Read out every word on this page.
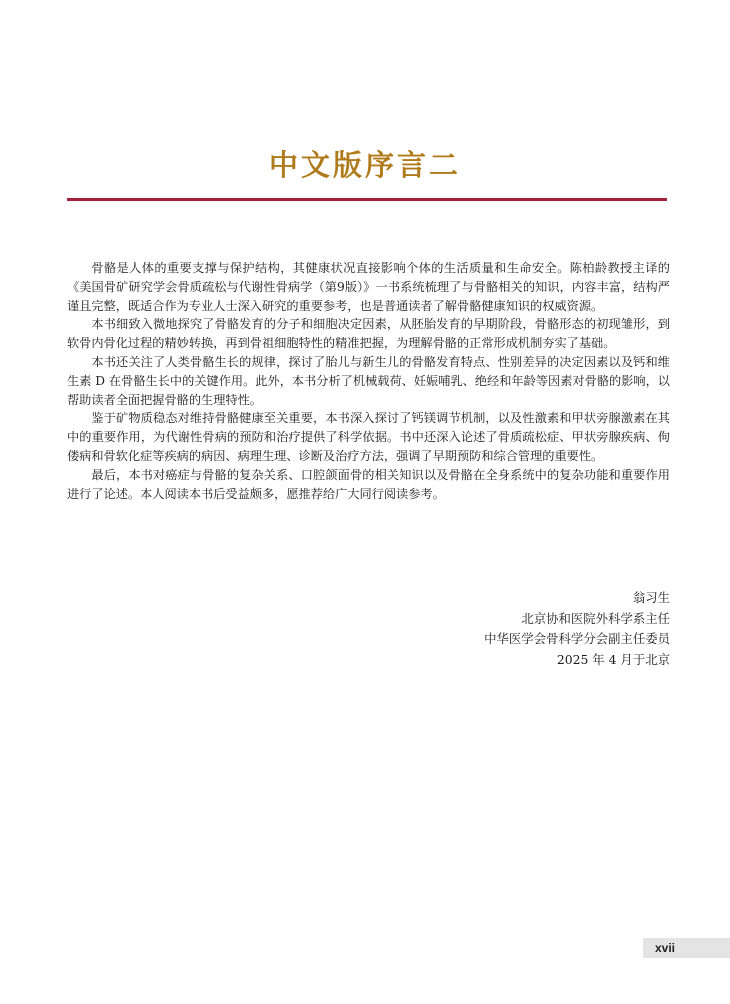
中文版序言二

骨骼是人体的重要支撑与保护结构，其健康状况直接影响个体的生活质量和生命安全。陈柏龄教授主译的《美国骨矿研究学会骨质疏松与代谢性骨病学（第9版）》一书系统梳理了与骨骼相关的知识，内容丰富，结构严谨且完整，既适合作为专业人士深入研究的重要参考，也是普通读者了解骨骼健康知识的权威资源。

本书细致入微地探究了骨骼发育的分子和细胞决定因素，从胚胎发育的早期阶段，骨骼形态的初现雏形，到软骨内骨化过程的精妙转换，再到骨祖细胞特性的精准把握，为理解骨骼的正常形成机制夯实了基础。

本书还关注了人类骨骼生长的规律，探讨了胎儿与新生儿的骨骼发育特点、性别差异的决定因素以及钙和维生素 D 在骨骼生长中的关键作用。此外，本书分析了机械载荷、妊娠哺乳、绝经和年龄等因素对骨骼的影响，以帮助读者全面把握骨骼的生理特性。

鉴于矿物质稳态对维持骨骼健康至关重要，本书深入探讨了钙镁调节机制，以及性激素和甲状旁腺激素在其中的重要作用，为代谢性骨病的预防和治疗提供了科学依据。书中还深入论述了骨质疏松症、甲状旁腺疾病、佝偻病和骨软化症等疾病的病因、病理生理、诊断及治疗方法，强调了早期预防和综合管理的重要性。

最后，本书对癌症与骨骼的复杂关系、口腔颌面骨的相关知识以及骨骼在全身系统中的复杂功能和重要作用进行了论述。本人阅读本书后受益颇多，愿推荐给广大同行阅读参考。

翁习生
北京协和医院外科学系主任
中华医学会骨科学分会副主任委员
2025 年 4 月于北京
xvii
